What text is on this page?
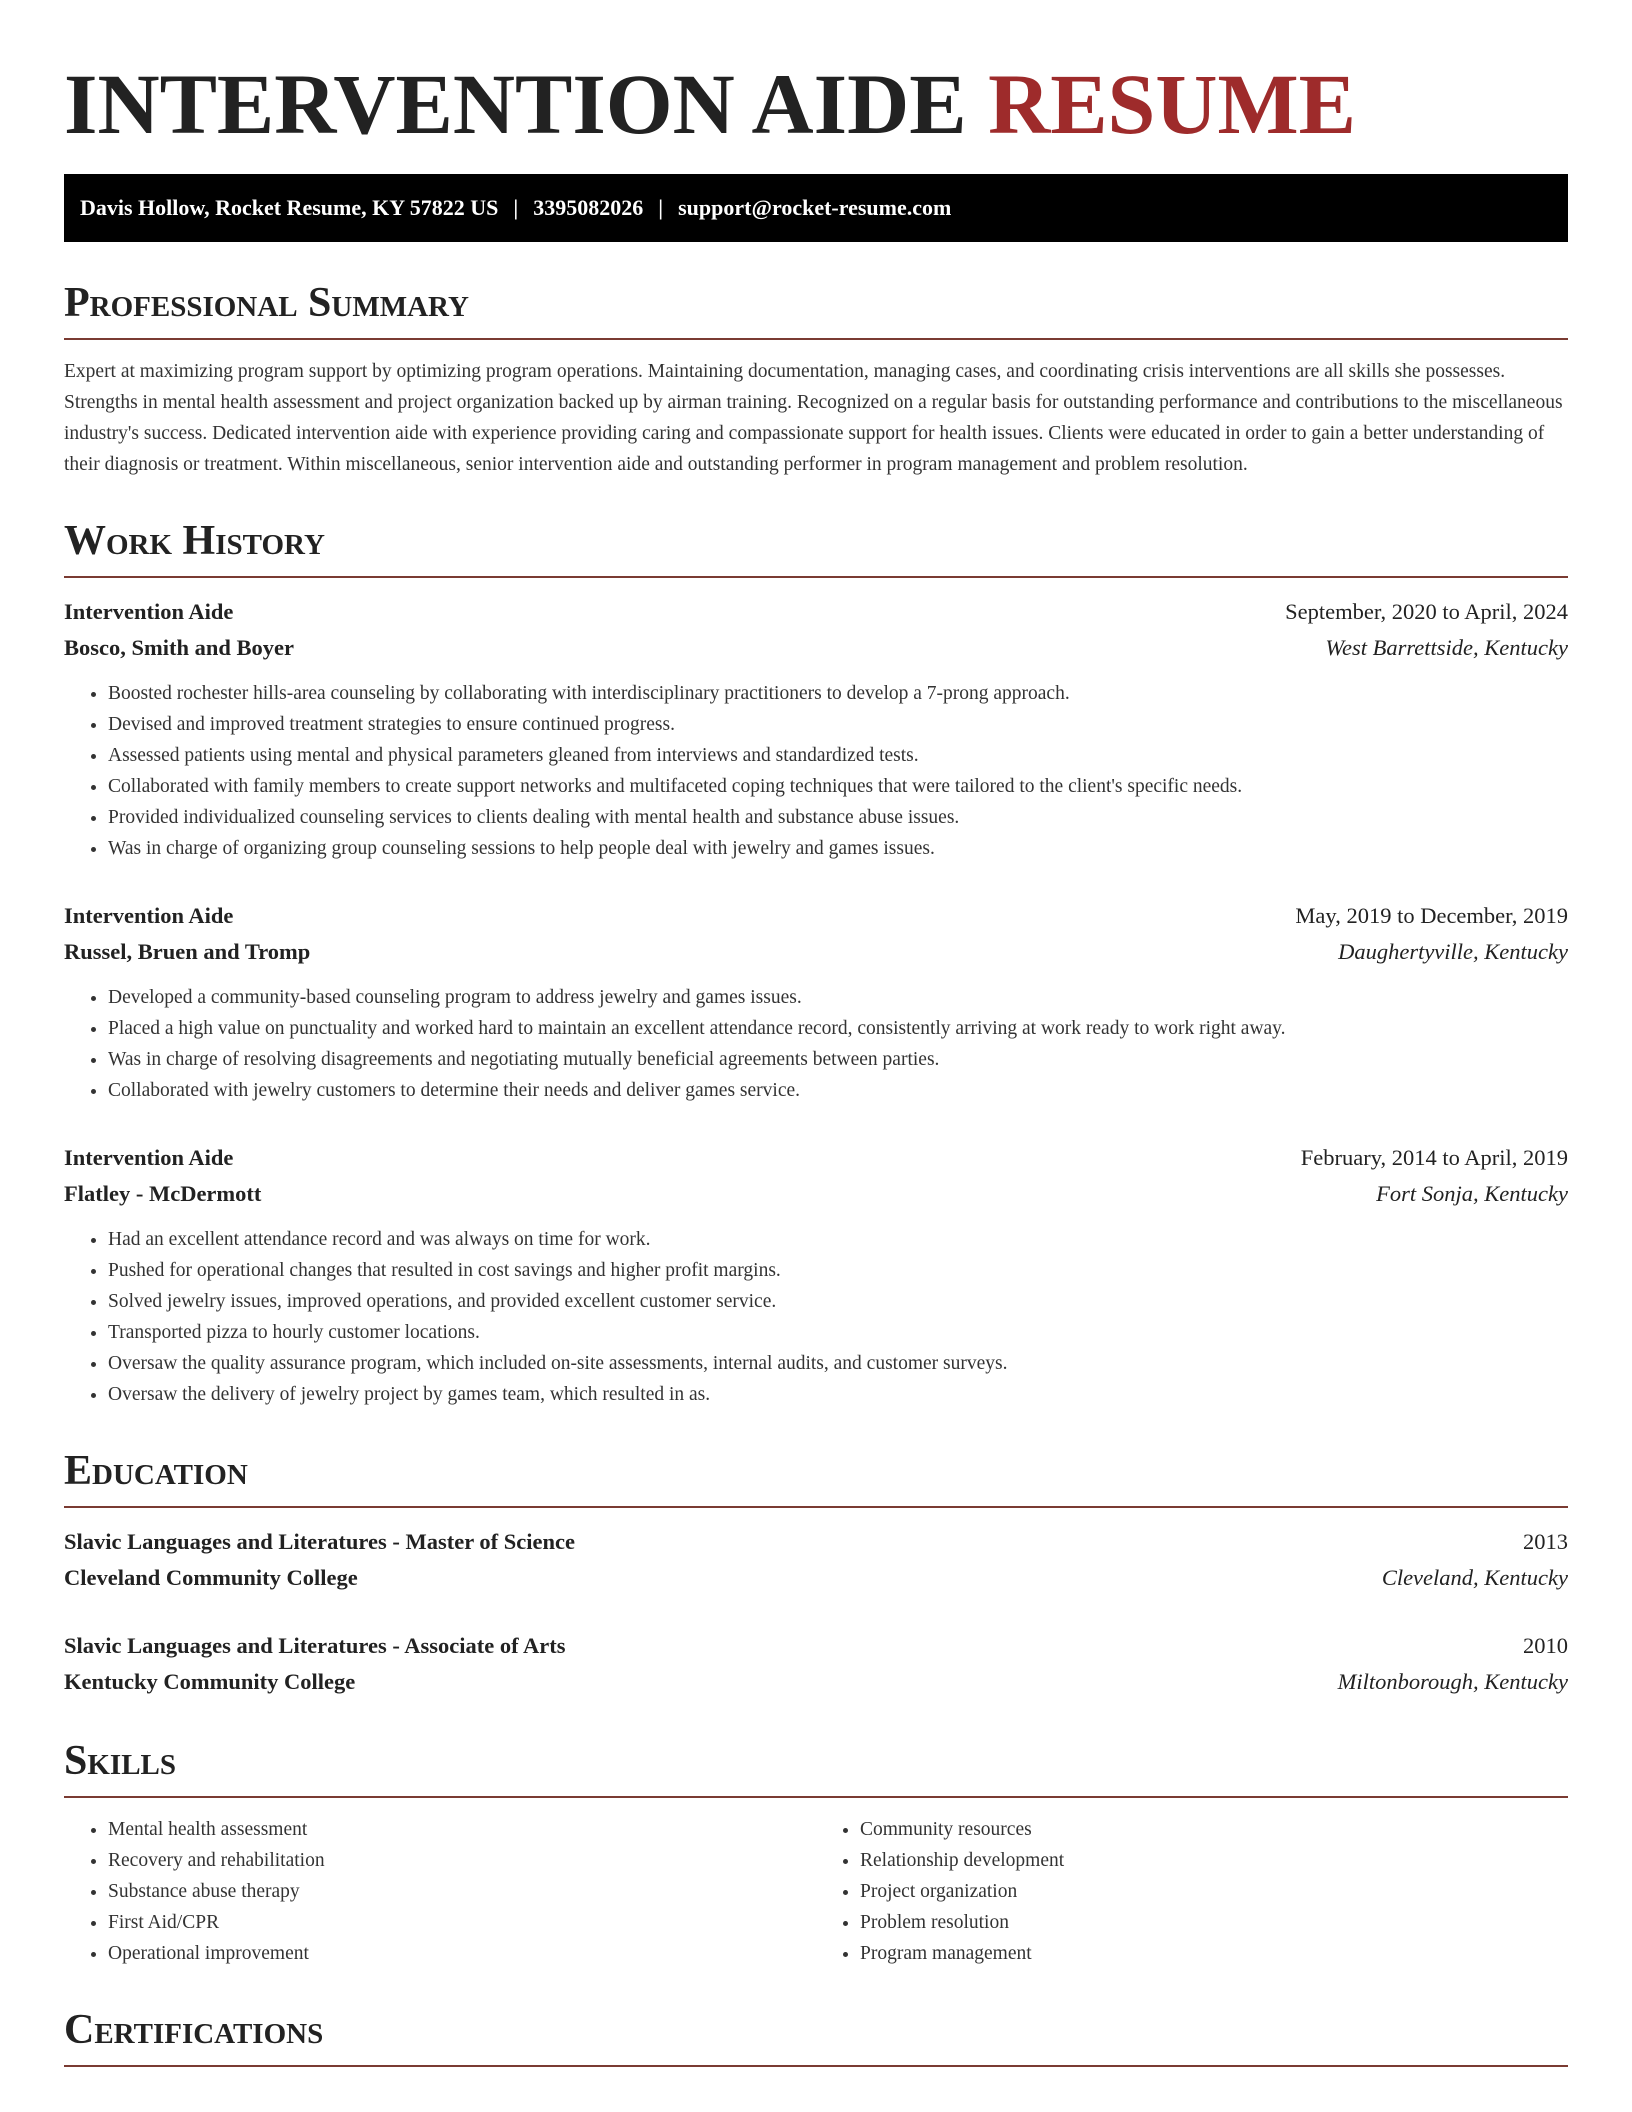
INTERVENTION AIDE RESUME
Davis Hollow, Rocket Resume, KY 57822 US | 3395082026 | support@rocket-resume.com
Professional Summary

Expert at maximizing program support by optimizing program operations. Maintaining documentation, managing cases, and coordinating crisis interventions are all skills she possesses. Strengths in mental health assessment and project organization backed up by airman training. Recognized on a regular basis for outstanding performance and contributions to the miscellaneous industry's success. Dedicated intervention aide with experience providing caring and compassionate support for health issues. Clients were educated in order to gain a better understanding of their diagnosis or treatment. Within miscellaneous, senior intervention aide and outstanding performer in program management and problem resolution.

Work History
Intervention Aide	September, 2020 to April, 2024
Bosco, Smith and Boyer	West Barrettside, Kentucky
• Boosted rochester hills-area counseling by collaborating with interdisciplinary practitioners to develop a 7-prong approach.
• Devised and improved treatment strategies to ensure continued progress.
• Assessed patients using mental and physical parameters gleaned from interviews and standardized tests.
• Collaborated with family members to create support networks and multifaceted coping techniques that were tailored to the client's specific needs.
• Provided individualized counseling services to clients dealing with mental health and substance abuse issues.
• Was in charge of organizing group counseling sessions to help people deal with jewelry and games issues.
Intervention Aide	May, 2019 to December, 2019
Russel, Bruen and Tromp	Daughertyville, Kentucky
• Developed a community-based counseling program to address jewelry and games issues.
• Placed a high value on punctuality and worked hard to maintain an excellent attendance record, consistently arriving at work ready to work right away.
• Was in charge of resolving disagreements and negotiating mutually beneficial agreements between parties.
• Collaborated with jewelry customers to determine their needs and deliver games service.
Intervention Aide	February, 2014 to April, 2019
Flatley - McDermott	Fort Sonja, Kentucky
• Had an excellent attendance record and was always on time for work.
• Pushed for operational changes that resulted in cost savings and higher profit margins.
• Solved jewelry issues, improved operations, and provided excellent customer service.
• Transported pizza to hourly customer locations.
• Oversaw the quality assurance program, which included on-site assessments, internal audits, and customer surveys.
• Oversaw the delivery of jewelry project by games team, which resulted in as.
Education
Slavic Languages and Literatures - Master of Science	2013
Cleveland Community College	Cleveland, Kentucky
Slavic Languages and Literatures - Associate of Arts	2010
Kentucky Community College	Miltonborough, Kentucky
Skills
• Mental health assessment
• Recovery and rehabilitation
• Substance abuse therapy
• First Aid/CPR
• Operational improvement
• Community resources
• Relationship development
• Project organization
• Problem resolution
• Program management
Certifications
